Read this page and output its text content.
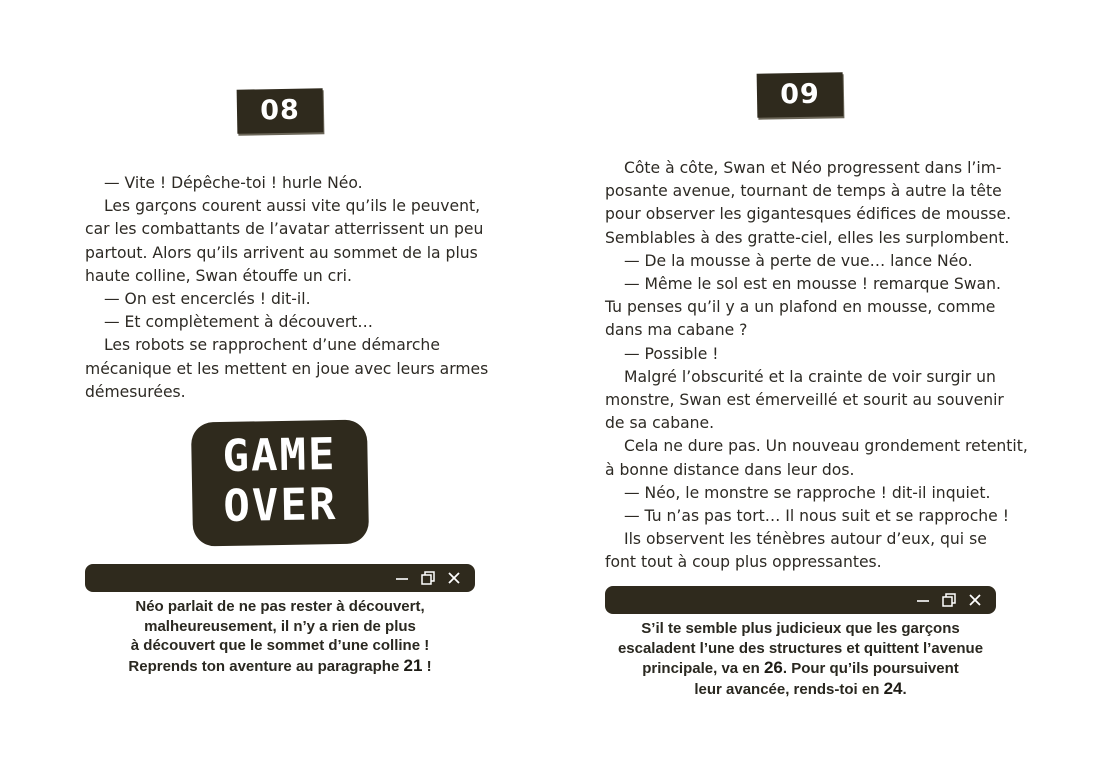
08

— Vite ! Dépêche-toi ! hurle Néo.

Les garçons courent aussi vite qu’ils le peuvent,

car les combattants de l’avatar atterrissent un peu

partout. Alors qu’ils arrivent au sommet de la plus

haute colline, Swan étouffe un cri.

— On est encerclés ! dit-il.

— Et complètement à découvert…

Les robots se rapprochent d’une démarche

mécanique et les mettent en joue avec leurs armes

démesurées.

GAME
OVER

Néo parlait de ne pas rester à découvert,

malheureusement, il n’y a rien de plus

à découvert que le sommet d’une colline !

Reprends ton aventure au paragraphe 21 !

09

Côte à côte, Swan et Néo progressent dans l’im-

posante avenue, tournant de temps à autre la tête

pour observer les gigantesques édifices de mousse.

Semblables à des gratte-ciel, elles les surplombent.

— De la mousse à perte de vue… lance Néo.

— Même le sol est en mousse ! remarque Swan.

Tu penses qu’il y a un plafond en mousse, comme

dans ma cabane ?

— Possible !

Malgré l’obscurité et la crainte de voir surgir un

monstre, Swan est émerveillé et sourit au souvenir

de sa cabane.

Cela ne dure pas. Un nouveau grondement retentit,

à bonne distance dans leur dos.

— Néo, le monstre se rapproche ! dit-il inquiet.

— Tu n’as pas tort… Il nous suit et se rapproche !

Ils observent les ténèbres autour d’eux, qui se

font tout à coup plus oppressantes.

S’il te semble plus judicieux que les garçons

escaladent l’une des structures et quittent l’avenue

principale, va en 26. Pour qu’ils poursuivent

leur avancée, rends-toi en 24.
